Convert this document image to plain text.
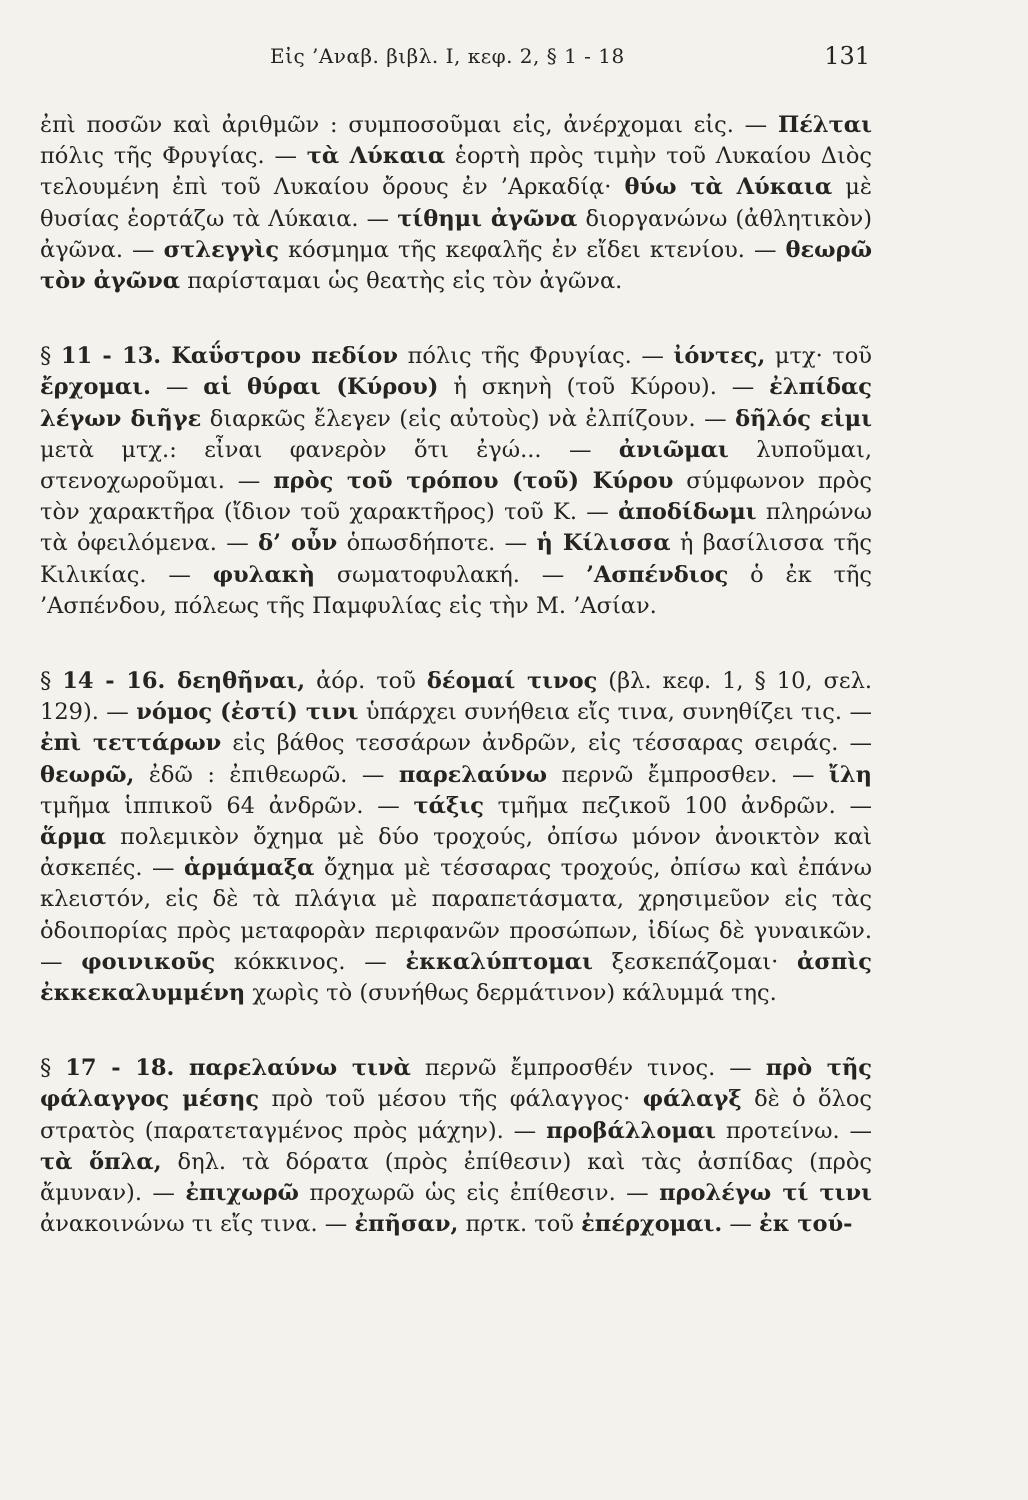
Εἰς ’Αναβ. βιβλ. Ι, κεφ. 2, § 1 - 18	131

ἐπὶ ποσῶν καὶ ἀριθμῶν : συμποσοῦμαι εἰς, ἀνέρχομαι εἰς. — Πέλται πόλις τῆς Φρυγίας. — τὰ Λύκαια ἑορτὴ πρὸς τιμὴν τοῦ Λυκαίου Διὸς τελουμένη ἐπὶ τοῦ Λυκαίου ὄρους ἐν ’Αρκαδίᾳ· θύω τὰ Λύκαια μὲ θυσίας ἑορτάζω τὰ Λύκαια. — τίθημι ἀγῶνα διοργανώνω (ἀθλητικὸν) ἀγῶνα. — στλεγγὶς κόσμημα τῆς κεφαλῆς ἐν εἴδει κτενίου. — θεωρῶ τὸν ἀγῶνα παρίσταμαι ὡς θεατὴς εἰς τὸν ἀγῶνα.

§ 11 - 13. Καΰστρου πεδίον πόλις τῆς Φρυγίας. — ἰόντες, μτχ· τοῦ ἔρχομαι. — αἱ θύραι (Κύρου) ἡ σκηνὴ (τοῦ Κύρου). — ἐλπίδας λέγων διῆγε διαρκῶς ἔλεγεν (εἰς αὐτοὺς) νὰ ἐλπίζουν. — δῆλός εἰμι μετὰ μτχ.: εἶναι φανερὸν ὅτι ἐγώ... — ἀνιῶμαι λυποῦμαι, στενοχωροῦμαι. — πρὸς τοῦ τρόπου (τοῦ) Κύρου σύμφωνον πρὸς τὸν χαρακτῆρα (ἴδιον τοῦ χαρακτῆρος) τοῦ Κ. — ἀποδίδωμι πληρώνω τὰ ὀφειλόμενα. — δ’ οὖν ὁπωσδήποτε. — ἡ Κίλισσα ἡ βασίλισσα τῆς Κιλικίας. — φυλακὴ σωματοφυλακή. — ’Ασπένδιος ὁ ἐκ τῆς ’Ασπένδου, πόλεως τῆς Παμφυλίας εἰς τὴν Μ. ’Ασίαν.

§ 14 - 16. δεηθῆναι, ἀόρ. τοῦ δέομαί τινος (βλ. κεφ. 1, § 10, σελ. 129). — νόμος (ἐστί) τινι ὑπάρχει συνήθεια εἴς τινα, συνηθίζει τις. — ἐπὶ τεττάρων εἰς βάθος τεσσάρων ἀνδρῶν, εἰς τέσσαρας σειράς. — θεωρῶ, ἐδῶ : ἐπιθεωρῶ. — παρελαύνω περνῶ ἔμπροσθεν. — ἴλη τμῆμα ἱππικοῦ 64 ἀνδρῶν. — τάξις τμῆμα πεζικοῦ 100 ἀνδρῶν. — ἅρμα πολεμικὸν ὄχημα μὲ δύο τροχούς, ὀπίσω μόνον ἀνοικτὸν καὶ ἀσκεπές. — ἁρμάμαξα ὄχημα μὲ τέσσαρας τροχούς, ὀπίσω καὶ ἐπάνω κλειστόν, εἰς δὲ τὰ πλάγια μὲ παραπετάσματα, χρησιμεῦον εἰς τὰς ὁδοιπορίας πρὸς μεταφορὰν περιφανῶν προσώπων, ἰδίως δὲ γυναικῶν. — φοινικοῦς κόκκινος. — ἐκκαλύπτομαι ξεσκεπάζομαι· ἀσπὶς ἐκκεκαλυμμένη χωρὶς τὸ (συνήθως δερμάτινον) κάλυμμά της.

§ 17 - 18. παρελαύνω τινὰ περνῶ ἔμπροσθέν τινος. — πρὸ τῆς φάλαγγος μέσης πρὸ τοῦ μέσου τῆς φάλαγγος· φάλαγξ δὲ ὁ ὅλος στρατὸς (παρατεταγμένος πρὸς μάχην). — προβάλλομαι προτείνω. — τὰ ὅπλα, δηλ. τὰ δόρατα (πρὸς ἐπίθεσιν) καὶ τὰς ἀσπίδας (πρὸς ἄμυναν). — ἐπιχωρῶ προχωρῶ ὡς εἰς ἐπίθεσιν. — προλέγω τί τινι ἀνακοινώνω τι εἴς τινα. — ἐπῆσαν, πρτκ. τοῦ ἐπέρχομαι. — ἐκ τού-
